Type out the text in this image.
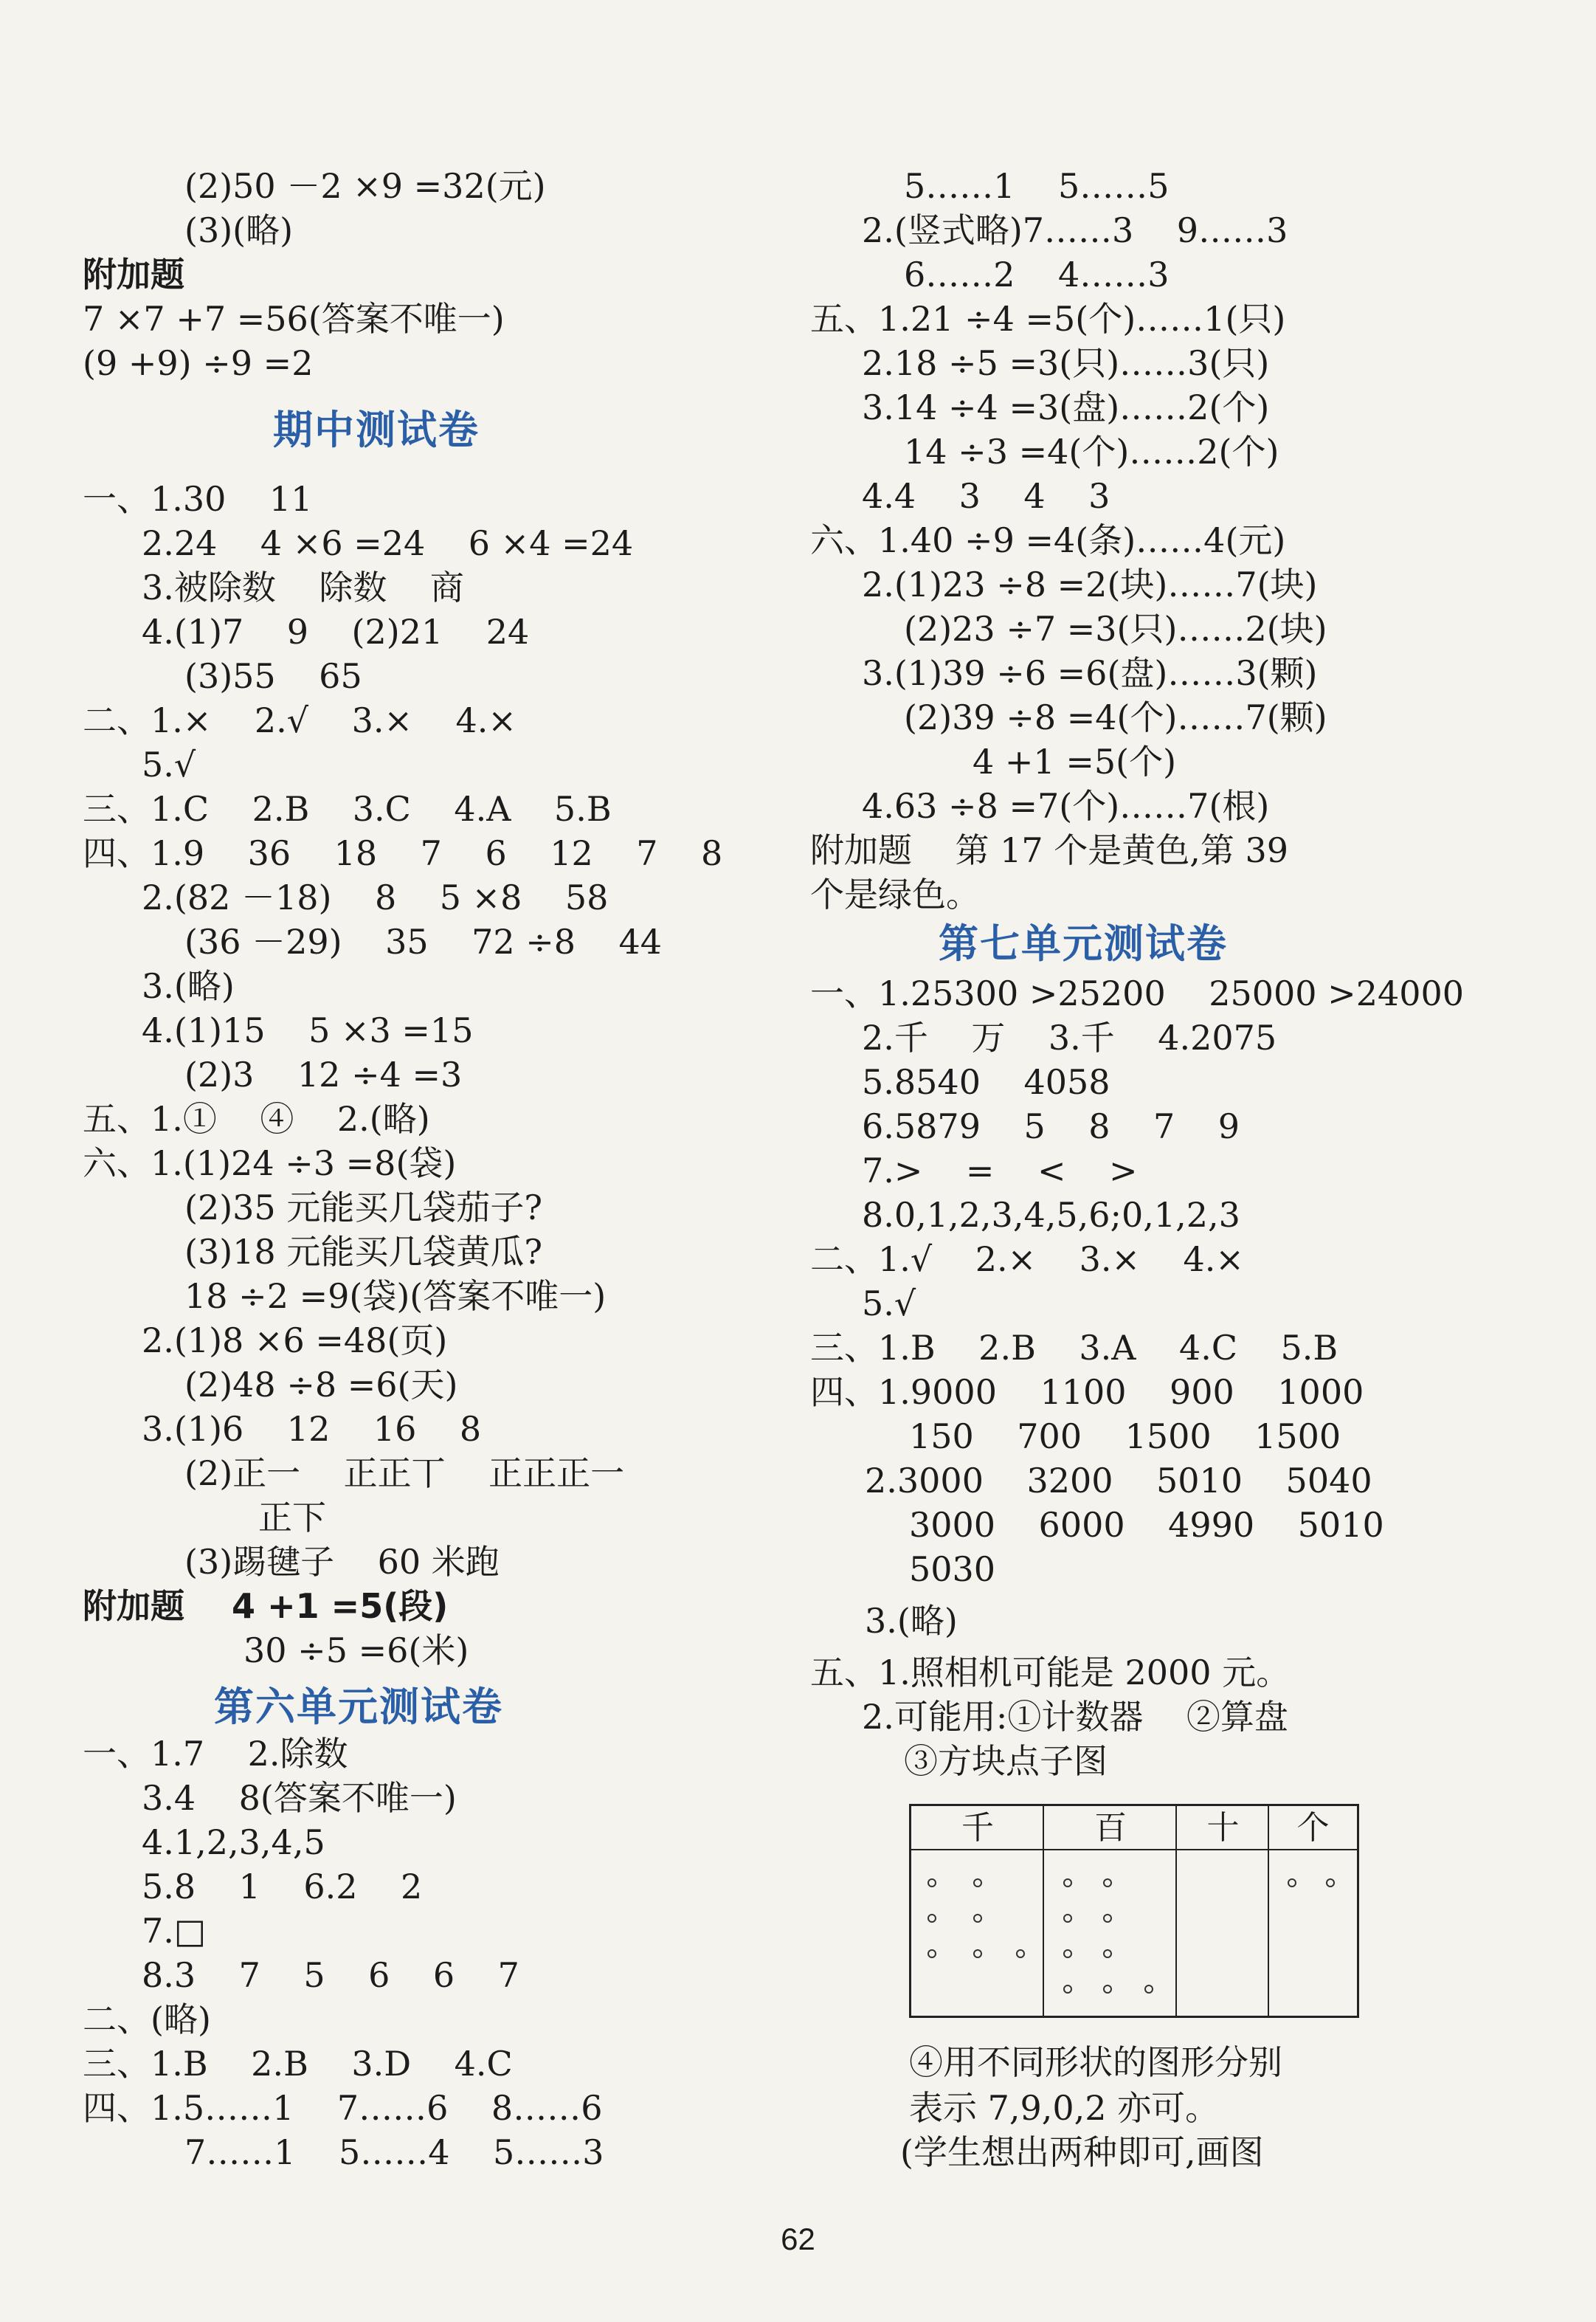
(2)50 －2 ×9 =32(元)
(3)(略)
附加题
7 ×7 +7 =56(答案不唯一)
(9 +9) ÷9 =2
期中测试卷
一、1.30    11
2.24    4 ×6 =24    6 ×4 =24
3.被除数    除数    商
4.(1)7    9    (2)21    24
(3)55    65
二、1.×    2.√    3.×    4.×
5.√
三、1.C    2.B    3.C    4.A    5.B
四、1.9    36    18    7    6    12    7    8
2.(82 －18)    8    5 ×8    58
(36 －29)    35    72 ÷8    44
3.(略)
4.(1)15    5 ×3 =15
(2)3    12 ÷4 =3
五、1.①    ④    2.(略)
六、1.(1)24 ÷3 =8(袋)
(2)35 元能买几袋茄子?
(3)18 元能买几袋黄瓜?
18 ÷2 =9(袋)(答案不唯一)
2.(1)8 ×6 =48(页)
(2)48 ÷8 =6(天)
3.(1)6    12    16    8
(2)正一    正正丅    正正正一
正下
(3)踢毽子    60 米跑
附加题    4 +1 =5(段)
30 ÷5 =6(米)
第六单元测试卷
一、1.7    2.除数
3.4    8(答案不唯一)
4.1,2,3,4,5
5.8    1    6.2    2
7.□
8.3    7    5    6    6    7
二、(略)
三、1.B    2.B    3.D    4.C
四、1.5……1    7……6    8……6
7……1    5……4    5……3
5……1    5……5
2.(竖式略)7……3    9……3
6……2    4……3
五、1.21 ÷4 =5(个)……1(只)
2.18 ÷5 =3(只)……3(只)
3.14 ÷4 =3(盘)……2(个)
14 ÷3 =4(个)……2(个)
4.4    3    4    3
六、1.40 ÷9 =4(条)……4(元)
2.(1)23 ÷8 =2(块)……7(块)
(2)23 ÷7 =3(只)……2(块)
3.(1)39 ÷6 =6(盘)……3(颗)
(2)39 ÷8 =4(个)……7(颗)
4 +1 =5(个)
4.63 ÷8 =7(个)……7(根)
附加题    第 17 个是黄色,第 39
个是绿色。
第七单元测试卷
一、1.25300 >25200    25000 >24000
2.千    万    3.千    4.2075
5.8540    4058
6.5879    5    8    7    9
7.>    =    <    >
8.0,1,2,3,4,5,6;0,1,2,3
二、1.√    2.×    3.×    4.×
5.√
三、1.B    2.B    3.A    4.C    5.B
四、1.9000    1100    900    1000
150    700    1500    1500
2.3000    3200    5010    5040
3000    6000    4990    5010
5030
3.(略)
五、1.照相机可能是 2000 元。
2.可能用:①计数器    ②算盘
③方块点子图
千	百	十	个
④用不同形状的图形分别
表示 7,9,0,2 亦可。
(学生想出两种即可,画图
62
